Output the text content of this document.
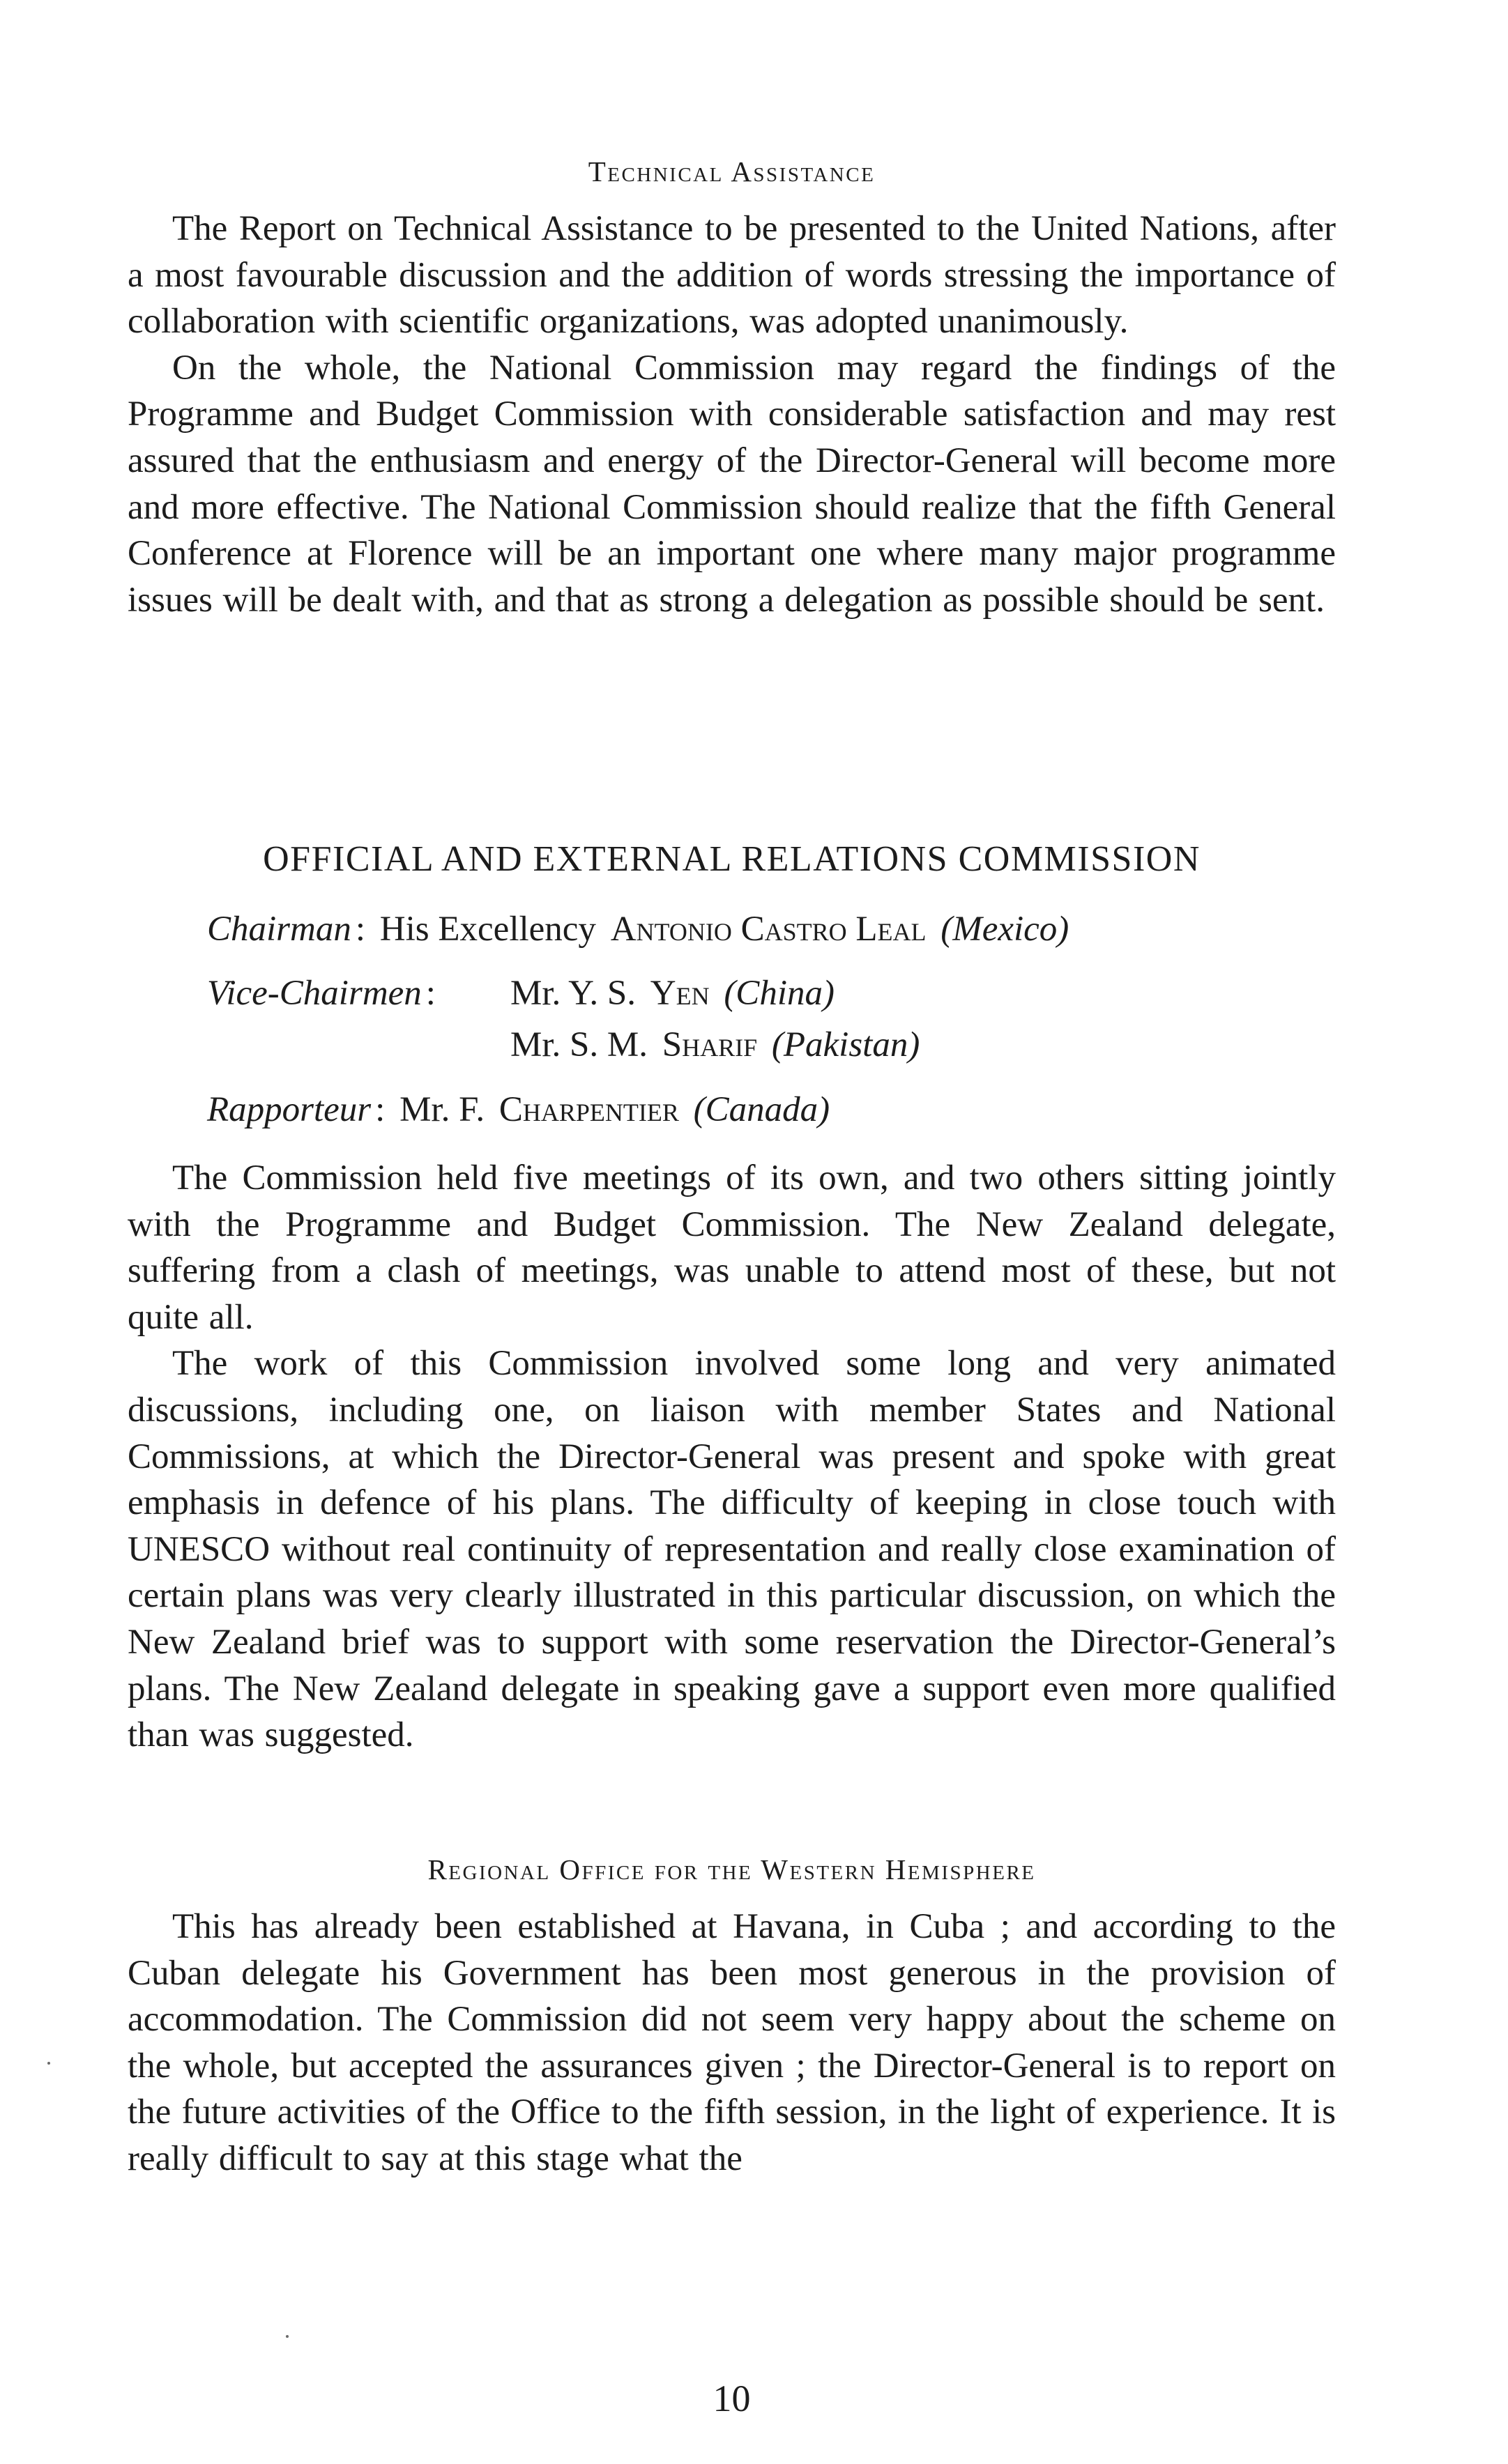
Technical Assistance

The Report on Technical Assistance to be presented to the United Nations, after a most favourable discussion and the addition of words stressing the importance of collaboration with scientific organizations, was adopted unanimously.

On the whole, the National Commission may regard the findings of the Programme and Budget Commission with considerable satisfaction and may rest assured that the enthusiasm and energy of the Director-General will become more and more effective. The National Commission should realize that the fifth General Conference at Florence will be an important one where many major programme issues will be dealt with, and that as strong a delegation as possible should be sent.

OFFICIAL AND EXTERNAL RELATIONS COMMISSION
Chairman : His Excellency Antonio Castro Leal (Mexico)
Vice-Chairmen : Mr. Y. S. Yen (China)
Mr. S. M. Sharif (Pakistan)
Rapporteur : Mr. F. Charpentier (Canada)

The Commission held five meetings of its own, and two others sitting jointly with the Programme and Budget Commission. The New Zealand delegate, suffering from a clash of meetings, was unable to attend most of these, but not quite all.

The work of this Commission involved some long and very animated discussions, including one, on liaison with member States and National Commissions, at which the Director-General was present and spoke with great emphasis in defence of his plans. The difficulty of keeping in close touch with UNESCO without real continuity of representation and really close examination of certain plans was very clearly illustrated in this particular discussion, on which the New Zealand brief was to support with some reservation the Director-General’s plans. The New Zealand delegate in speaking gave a support even more qualified than was suggested.

Regional Office for the Western Hemisphere

This has already been established at Havana, in Cuba ; and according to the Cuban delegate his Government has been most generous in the provision of accommodation. The Commission did not seem very happy about the scheme on the whole, but accepted the assurances given ; the Director-General is to report on the future activities of the Office to the fifth session, in the light of experience. It is really difficult to say at this stage what the

10
